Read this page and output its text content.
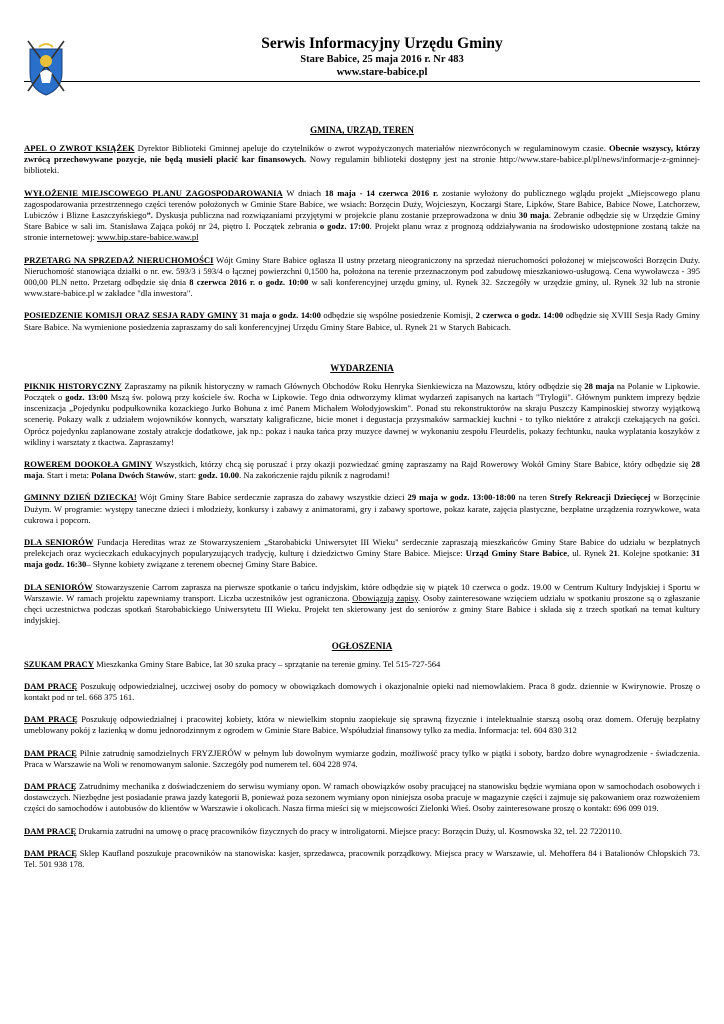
Serwis Informacyjny Urzędu Gminy
Stare Babice, 25 maja 2016 r. Nr 483
www.stare-babice.pl
GMINA, URZĄD, TEREN

APEL O ZWROT KSIĄŻEK Dyrektor Biblioteki Gminnej apeluje do czytelników o zwrot wypożyczonych materiałów niezwróconych w regulaminowym czasie. Obecnie wszyscy, którzy zwrócą przechowywane pozycje, nie będą musieli płacić kar finansowych. Nowy regulamin biblioteki dostępny jest na stronie http://www.stare-babice.pl/pl/news/informacje-z-gminnej-biblioteki.

WYŁOŻENIE MIEJSCOWEGO PLANU ZAGOSPODAROWANIA W dniach 18 maja - 14 czerwca 2016 r. zostanie wyłożony do publicznego wglądu projekt „Miejscowego planu zagospodarowania przestrzennego części terenów położonych w Gminie Stare Babice, we wsiach: Borzęcin Duży, Wojcieszyn, Koczargi Stare, Lipków, Stare Babice, Babice Nowe, Latchorzew, Lubiczów i Blizne Łaszczyńskiego”. Dyskusja publiczna nad rozwiązaniami przyjętymi w projekcie planu zostanie przeprowadzona w dniu 30 maja. Zebranie odbędzie się w Urzędzie Gminy Stare Babice w sali im. Stanisława Zająca pokój nr 24, piętro I. Początek zebrania o godz. 17:00. Projekt planu wraz z prognozą oddziaływania na środowisko udostępnione zostaną także na stronie internetowej: www.bip.stare-babice.waw.pl

PRZETARG NA SPRZEDAŻ NIERUCHOMOŚCI Wójt Gminy Stare Babice ogłasza II ustny przetarg nieograniczony na sprzedaż nieruchomości położonej w miejscowości Borzęcin Duży. Nieruchomość stanowiąca działki o nr. ew. 593/3 i 593/4 o łącznej powierzchni 0,1500 ha, położona na terenie przeznaczonym pod zabudowę mieszkaniowo-usługową. Cena wywoławcza - 395 000,00 PLN netto. Przetarg odbędzie się dnia 8 czerwca 2016 r. o godz. 10:00 w sali konferencyjnej urzędu gminy, ul. Rynek 32. Szczegóły w urzędzie gminy, ul. Rynek 32 lub na stronie www.stare-babice.pl w zakładce "dla inwestora".

POSIEDZENIE KOMISJI ORAZ SESJA RADY GMINY 31 maja o godz. 14:00 odbędzie się wspólne posiedzenie Komisji, 2 czerwca o godz. 14:00 odbędzie się XVIII Sesja Rady Gminy Stare Babice. Na wymienione posiedzenia zapraszamy do sali konferencyjnej Urzędu Gminy Stare Babice, ul. Rynek 21 w Starych Babicach.

WYDARZENIA

PIKNIK HISTORYCZNY Zapraszamy na piknik historyczny w ramach Głównych Obchodów Roku Henryka Sienkiewicza na Mazowszu, który odbędzie się 28 maja na Polanie w Lipkowie. Początek o godz. 13:00 Mszą św. polową przy kościele św. Rocha w Lipkowie. Tego dnia odtworzymy klimat wydarzeń zapisanych na kartach "Trylogii". Głównym punktem imprezy będzie inscenizacja „Pojedynku podpułkownika kozackiego Jurko Bohuna z imć Panem Michałem Wołodyjowskim". Ponad stu rekonstruktorów na skraju Puszczy Kampinoskiej stworzy wyjątkową scenerię. Pokazy walk z udziałem wojowników konnych, warsztaty kaligraficzne, bicie monet i degustacja przysmaków sarmackiej kuchni - to tylko niektóre z atrakcji czekających na gości. Oprócz pojedynku zaplanowane zostały atrakcje dodatkowe, jak np.: pokaz i nauka tańca przy muzyce dawnej w wykonaniu zespołu Fleurdelis, pokazy fechtunku, nauka wyplatania koszyków z wikliny i warsztaty z tkactwa. Zapraszamy!

ROWEREM DOOKOŁA GMINY Wszystkich, którzy chcą się poruszać i przy okazji pozwiedzać gminę zapraszamy na Rajd Rowerowy Wokół Gminy Stare Babice, który odbędzie się 28 maja. Start i meta: Polana Dwóch Stawów, start: godz. 10.00. Na zakończenie rajdu piknik z nagrodami!

GMINNY DZIEŃ DZIECKA! Wójt Gminy Stare Babice serdecznie zaprasza do zabawy wszystkie dzieci 29 maja w godz. 13:00-18:00 na teren Strefy Rekreacji Dziecięcej w Borzęcinie Dużym. W programie: występy taneczne dzieci i młodzieży, konkursy i zabawy z animatorami, gry i zabawy sportowe, pokaz karate, zajęcia plastyczne, bezpłatne urządzenia rozrywkowe, wata cukrowa i popcorn.

DLA SENIORÓW Fundacja Hereditas wraz ze Stowarzyszeniem „Starobabicki Uniwersytet III Wieku" serdecznie zapraszają mieszkańców Gminy Stare Babice do udziału w bezpłatnych prelekcjach oraz wycieczkach edukacyjnych popularyzujących tradycję, kulturę i dziedzictwo Gminy Stare Babice. Miejsce: Urząd Gminy Stare Babice, ul. Rynek 21. Kolejne spotkanie: 31 maja godz. 16:30– Słynne kobiety związane z terenem obecnej Gminy Stare Babice.

DLA SENIORÓW Stowarzyszenie Carrom zaprasza na pierwsze spotkanie o tańcu indyjskim, które odbędzie się w piątek 10 czerwca o godz. 19.00 w Centrum Kultury Indyjskiej i Sportu w Warszawie. W ramach projektu zapewniamy transport. Liczba uczestników jest ograniczona. Obowiązują zapisy. Osoby zainteresowane wzięciem udziału w spotkaniu proszone są o zgłaszanie chęci uczestnictwa podczas spotkań Starobabickiego Uniwersytetu III Wieku. Projekt ten skierowany jest do seniorów z gminy Stare Babice i składa się z trzech spotkań na temat kultury indyjskiej.

OGŁOSZENIA

SZUKAM PRACY Mieszkanka Gminy Stare Babice, lat 30 szuka pracy – sprzątanie na terenie gminy. Tel 515-727-564

DAM PRACĘ Poszukuję odpowiedzialnej, uczciwej osoby do pomocy w obowiązkach domowych i okazjonalnie opieki nad niemowlakiem. Praca 8 godz. dziennie w Kwirynowie. Proszę o kontakt pod nr tel. 668 375 161.

DAM PRACĘ Poszukuję odpowiedzialnej i pracowitej kobiety, która w niewielkim stopniu zaopiekuje się sprawną fizycznie i intelektualnie starszą osobą oraz domem. Oferuję bezpłatny umeblowany pokój z łazienką w domu jednorodzinnym z ogrodem w Gminie Stare Babice. Współudział finansowy tylko za media. Informacja: tel. 604 830 312

DAM PRACĘ Pilnie zatrudnię samodzielnych FRYZJERÓW w pełnym lub dowolnym wymiarze godzin, możliwość pracy tylko w piątki i soboty, bardzo dobre wynagrodzenie - świadczenia. Praca w Warszawie na Woli w renomowanym salonie. Szczegóły pod numerem tel. 604 228 974.

DAM PRACĘ Zatrudnimy mechanika z doświadczeniem do serwisu wymiany opon. W ramach obowiązków osoby pracującej na stanowisku będzie wymiana opon w samochodach osobowych i dostawczych. Niezbędne jest posiadanie prawa jazdy kategorii B, ponieważ poza sezonem wymiany opon niniejsza osoba pracuje w magazynie części i zajmuje się pakowaniem oraz rozwożeniem części do samochodów i autobusów do klientów w Warszawie i okolicach. Nasza firma mieści się w miejscowości Zielonki Wieś. Osoby zainteresowane proszę o kontakt: 696 099 019.

DAM PRACĘ Drukarnia zatrudni na umowę o pracę pracowników fizycznych do pracy w introligatorni. Miejsce pracy: Borzęcin Duży, ul. Kosmowska 32, tel. 22 7220110.

DAM PRACĘ Sklep Kaufland poszukuje pracowników na stanowiska: kasjer, sprzedawca, pracownik porządkowy. Miejsca pracy w Warszawie, ul. Mehoffera 84 i Batalionów Chłopskich 73. Tel. 501 938 178.
